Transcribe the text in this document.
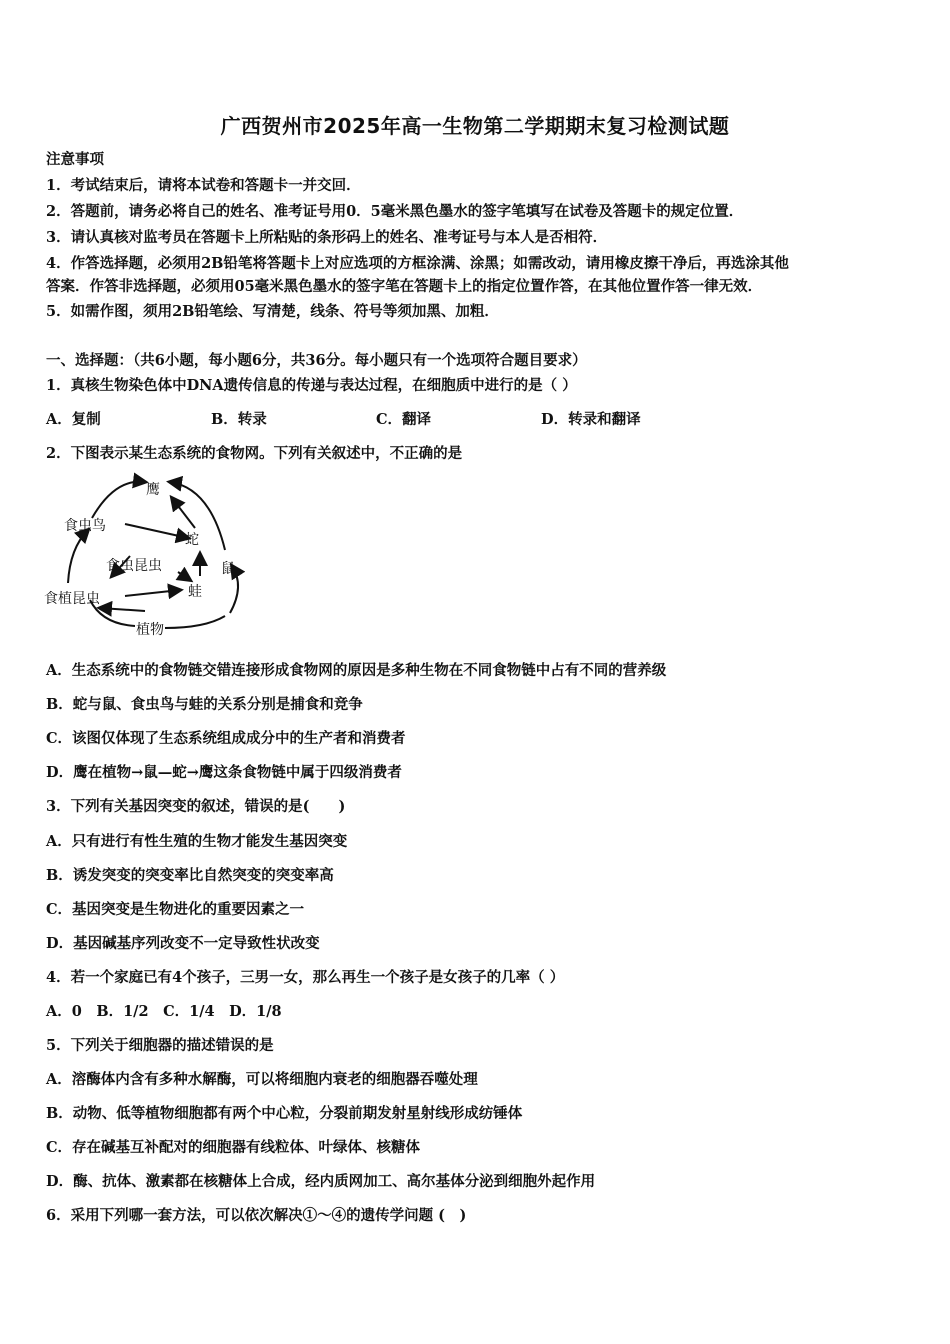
广西贺州市2025年高一生物第二学期期末复习检测试题
注意事项
1．考试结束后，请将本试卷和答题卡一并交回．
2．答题前，请务必将自己的姓名、准考证号用0．5毫米黑色墨水的签字笔填写在试卷及答题卡的规定位置．
3．请认真核对监考员在答题卡上所粘贴的条形码上的姓名、准考证号与本人是否相符．
4．作答选择题，必须用2B铅笔将答题卡上对应选项的方框涂满、涂黑；如需改动，请用橡皮擦干净后，再选涂其他
答案．作答非选择题，必须用05毫米黑色墨水的签字笔在答题卡上的指定位置作答，在其他位置作答一律无效．
5．如需作图，须用2B铅笔绘、写清楚，线条、符号等须加黑、加粗．
一、选择题：（共6小题，每小题6分，共36分。每小题只有一个选项符合题目要求）
1．真核生物染色体中DNA遗传信息的传递与表达过程，在细胞质中进行的是（ ）
A．复制	B．转录	C．翻译	D．转录和翻译
2．下图表示某生态系统的食物网。下列有关叙述中，不正确的是
鹰
食虫鸟
蛇
鼠
食虫昆虫
蛙
食植昆虫
植物
A．生态系统中的食物链交错连接形成食物网的原因是多种生物在不同食物链中占有不同的营养级
B．蛇与鼠、食虫鸟与蛙的关系分别是捕食和竞争
C．该图仅体现了生态系统组成成分中的生产者和消费者
D．鹰在植物→鼠—蛇→鹰这条食物链中属于四级消费者
3．下列有关基因突变的叙述，错误的是(　　)
A．只有进行有性生殖的生物才能发生基因突变
B．诱发突变的突变率比自然突变的突变率高
C．基因突变是生物进化的重要因素之一
D．基因碱基序列改变不一定导致性状改变
4．若一个家庭已有4个孩子，三男一女，那么再生一个孩子是女孩子的几率（ ）
A．0　B．1/2　C．1/4　D．1/8
5．下列关于细胞器的描述错误的是
A．溶酶体内含有多种水解酶，可以将细胞内衰老的细胞器吞噬处理
B．动物、低等植物细胞都有两个中心粒，分裂前期发射星射线形成纺锤体
C．存在碱基互补配对的细胞器有线粒体、叶绿体、核糖体
D．酶、抗体、激素都在核糖体上合成，经内质网加工、高尔基体分泌到细胞外起作用
6．采用下列哪一套方法，可以依次解决①～④的遗传学问题 (　)
